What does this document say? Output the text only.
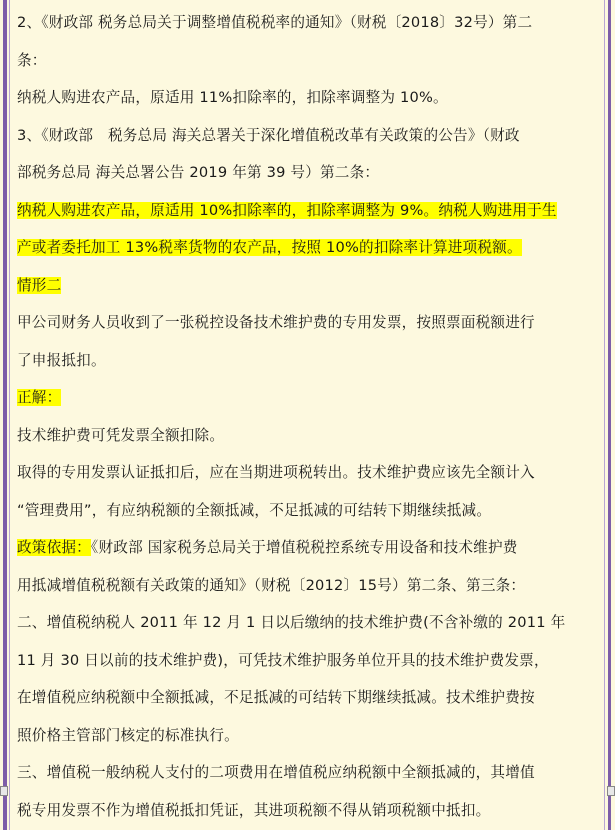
2、《财政部 税务总局关于调整增值税税率的通知》（财税〔2018〕32号）第二
条：
纳税人购进农产品，原适用 11%扣除率的，扣除率调整为 10%。
3、《财政部　税务总局 海关总署关于深化增值税改革有关政策的公告》（财政
部税务总局 海关总署公告 2019 年第 39 号）第二条：
纳税人购进农产品，原适用 10%扣除率的，扣除率调整为 9%。纳税人购进用于生
产或者委托加工 13%税率货物的农产品，按照 10%的扣除率计算进项税额。
情形二
甲公司财务人员收到了一张税控设备技术维护费的专用发票，按照票面税额进行
了申报抵扣。
正解：
技术维护费可凭发票全额扣除。
取得的专用发票认证抵扣后，应在当期进项税转出。技术维护费应该先全额计入
“管理费用”，有应纳税额的全额抵减，不足抵减的可结转下期继续抵减。
政策依据：《财政部 国家税务总局关于增值税税控系统专用设备和技术维护费
用抵减增值税税额有关政策的通知》（财税〔2012〕15号）第二条、第三条：
二、增值税纳税人 2011 年 12 月 1 日以后缴纳的技术维护费(不含补缴的 2011 年
11 月 30 日以前的技术维护费)，可凭技术维护服务单位开具的技术维护费发票，
在增值税应纳税额中全额抵减，不足抵减的可结转下期继续抵减。技术维护费按
照价格主管部门核定的标准执行。
三、增值税一般纳税人支付的二项费用在增值税应纳税额中全额抵减的，其增值
税专用发票不作为增值税抵扣凭证，其进项税额不得从销项税额中抵扣。
